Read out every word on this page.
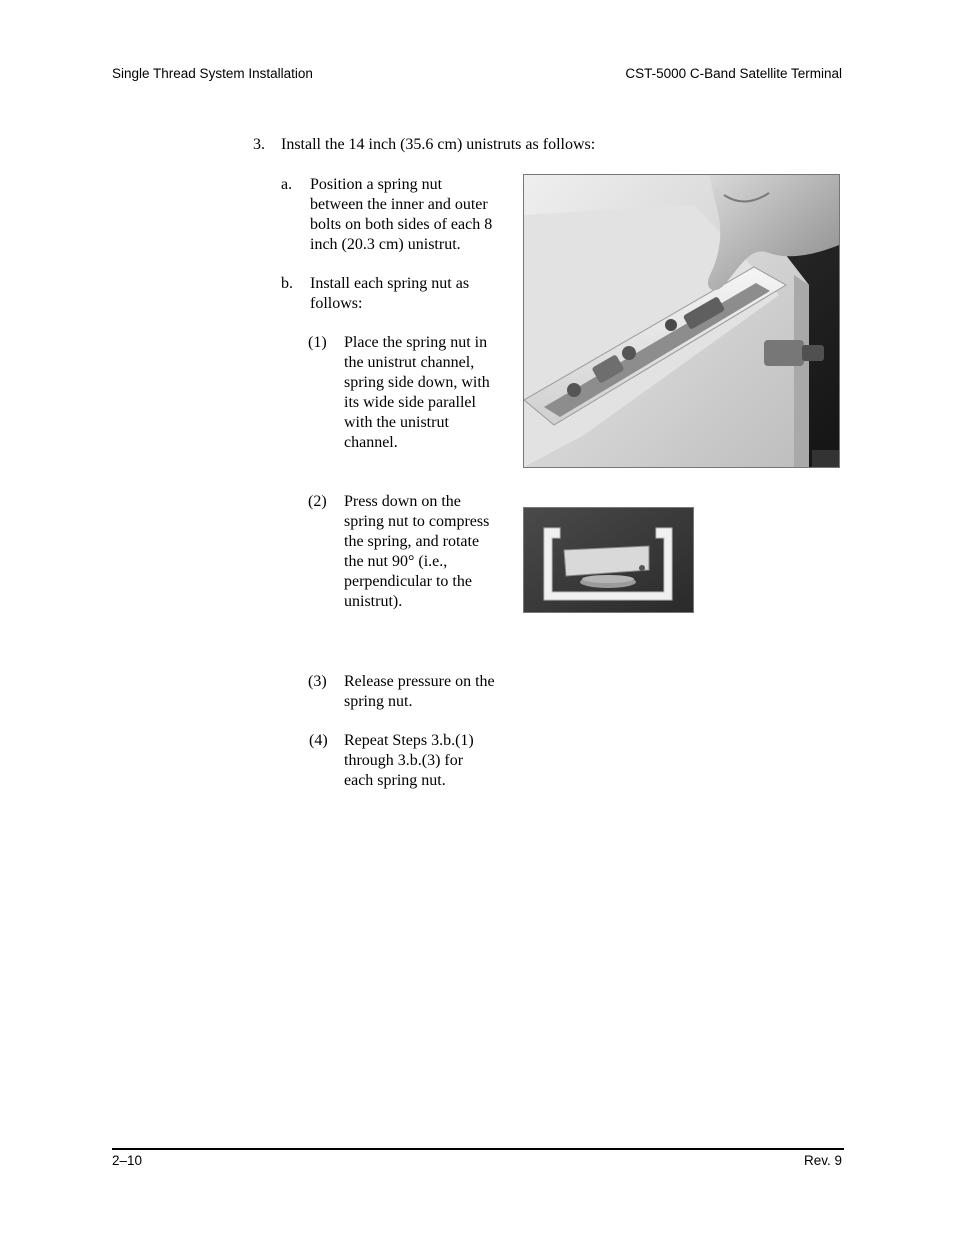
Single Thread System Installation	CST-5000 C-Band Satellite Terminal
3. Install the 14 inch (35.6 cm) unistruts as follows:
a. Position a spring nut
between the inner and outer
bolts on both sides of each 8
inch (20.3 cm) unistrut.
b. Install each spring nut as
follows:
(1) Place the spring nut in
the unistrut channel,
spring side down, with
its wide side parallel
with the unistrut
channel.
(2) Press down on the
spring nut to compress
the spring, and rotate
the nut 90° (i.e.,
perpendicular to the
unistrut).
(3) Release pressure on the
spring nut.
(4) Repeat Steps 3.b.(1)
through 3.b.(3) for
each spring nut.
2–10	Rev. 9
